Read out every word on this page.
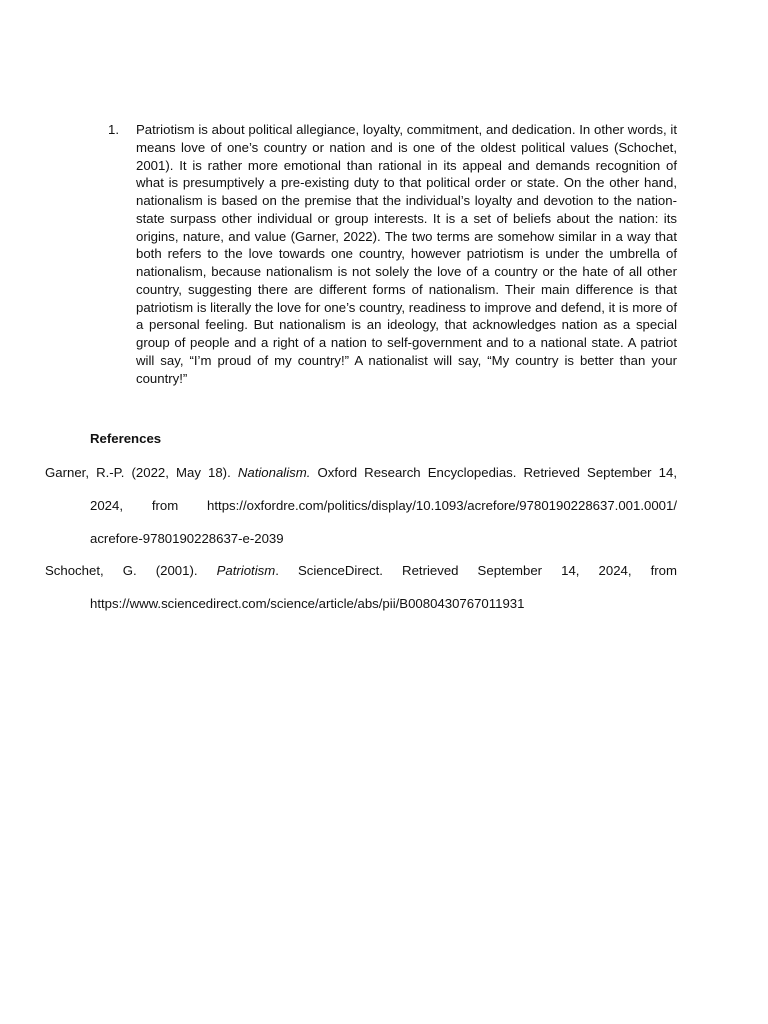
1.	Patriotism is about political allegiance, loyalty, commitment, and dedication. In other words, it means love of one’s country or nation and is one of the oldest political values (Schochet, 2001). It is rather more emotional than rational in its appeal and demands recognition of what is presumptively a pre-existing duty to that political order or state. On the other hand, nationalism is based on the premise that the individual’s loyalty and devotion to the nation-state surpass other individual or group interests. It is a set of beliefs about the nation: its origins, nature, and value (Garner, 2022). The two terms are somehow similar in a way that both refers to the love towards one country, however patriotism is under the umbrella of nationalism, because nationalism is not solely the love of a country or the hate of all other country, suggesting there are different forms of nationalism. Their main difference is that patriotism is literally the love for one’s country, readiness to improve and defend, it is more of a personal feeling. But nationalism is an ideology, that acknowledges nation as a special group of people and a right of a nation to self-government and to a national state. A patriot will say, “I’m proud of my country!” A nationalist will say, “My country is better than your country!”
References
Garner, R.-P. (2022, May 18). Nationalism. Oxford Research Encyclopedias. Retrieved September 14,
2024, from https://oxfordre.com/politics/display/10.1093/acrefore/9780190228637.001.0001/
acrefore-9780190228637-e-2039
Schochet, G. (2001). Patriotism. ScienceDirect. Retrieved September 14, 2024, from
https://www.sciencedirect.com/science/article/abs/pii/B0080430767011931
